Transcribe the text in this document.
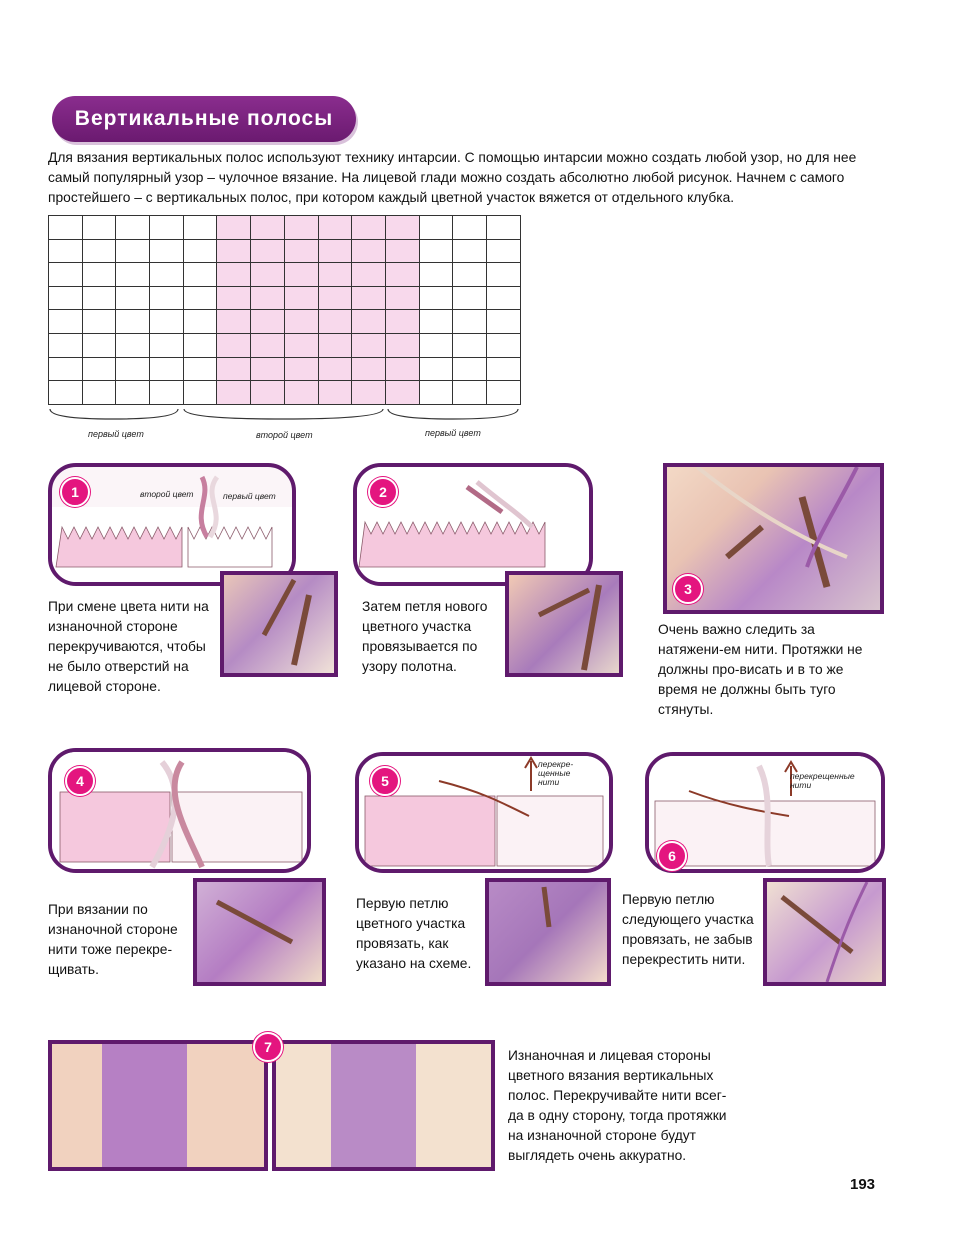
Вертикальные полосы
Для вязания вертикальных полос используют технику интарсии. С помощью интарсии можно создать любой узор, но для нее самый популярный узор – чулочное вязание. На лицевой глади можно создать абсолютно любой рисунок. Начнем с самого простейшего – с вертикальных полос, при котором каждый цветной участок вяжется от отдельного клубка.
первый цвет	второй цвет	первый цвет
1	второй цвет	первый цвет
При смене цвета нити на изнаночной стороне перекручиваются, чтобы не было отверстий на лицевой стороне.
2
Затем петля нового цветного участка провязывается по узору полотна.
3
Очень важно следить за натяжени-ем нити. Протяжки не должны про-висать и в то же время не должны быть туго стянуты.
4
При вязании по изнаночной стороне нити тоже перекре-щивать.
5
перекре-щенные нити
Первую петлю цветного участка провязать, как указано на схеме.
6
перекрещенные нити
Первую петлю следующего участка провязать, не забыв перекрестить нити.
7
Изнаночная и лицевая стороны цветного вязания вертикальных полос. Перекручивайте нити всег-да в одну сторону, тогда протяжки на изнаночной стороне будут выглядеть очень аккуратно.
193
